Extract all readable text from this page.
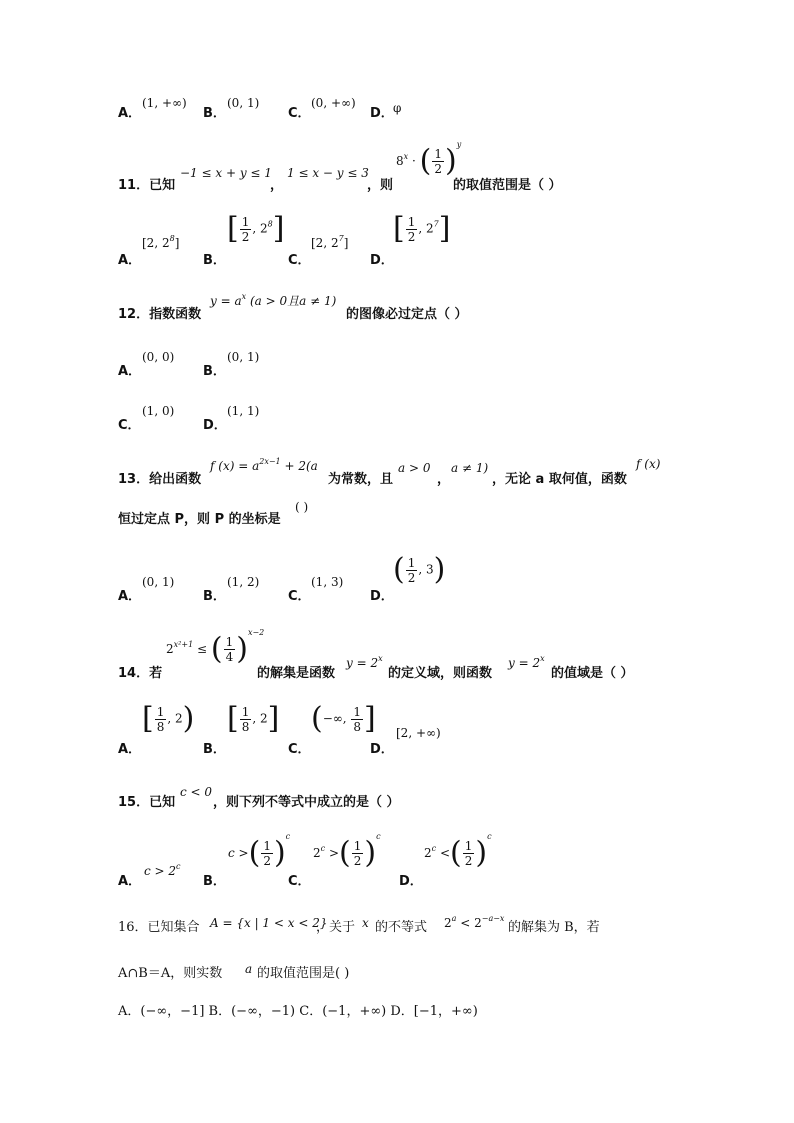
A．
(1, +∞)
B．
(0, 1)
C．
(0, +∞)
D． φ
11．已知
−1 ≤ x + y ≤ 1
，
1 ≤ x − y ≤ 3
，则
$8^x$ · ( $\frac{1}{2} )^y$
的取值范围是（ ）
A．
[2, $2^8$]
B．
[ $\frac{1}{2}$ , $2^8$]
C．
[2, $2^7$]
D．
[ $\frac{1}{2}$ , $2^7$]
12．指数函数
$y = a^x$ (a > 0且a ≠ 1)
的图像必过定点（ ）
A．
(0, 0)
B．
(0, 1)
C．
(1, 0)
D．
(1, 1)
13．给出函数
f $(x) = a^{2x-1} + 2(a$
为常数，且
a > 0
，
a ≠ 1)
，无论 a 取何值，函数
f (x)
恒过定点 P，则 P 的坐标是
( )
A．
(0, 1)
B．
(1, 2)
C．
(1, 3)
D．
( $\frac{1}{2}$ , 3)
14．若
$2^{x^2+1}$ ≤ ( $\frac{1}{4} )^{x-2}$
的解集是函数
$y = 2^x$
的定义域，则函数
$y = 2^x$
的值域是（ ）
A．
[ $\frac{1}{8}$ , 2)
B．
[ $\frac{1}{8}$ , 2]
C．
(−∞, $\frac{1}{8}$ ]
D．
[2, +∞)
15．已知
c < 0
，则下列不等式中成立的是（ ）
A．
$c > 2^c$
B．
c >( $\frac{1}{2} )^c$
C．
$2^c$ >( $\frac{1}{2} )^c$
D．
$2^c$ <( $\frac{1}{2} )^c$
16．已知集合 A = {x | 1 < x < 2}
，关于 x 的不等式 $2^a < 2^{-a-x}$
的解集为 B，若
A∩B＝A，则实数 a 的取值范围是( )
A．(−∞，−1] B．(−∞，−1) C．(−1，+∞) D．[−1，+∞)
